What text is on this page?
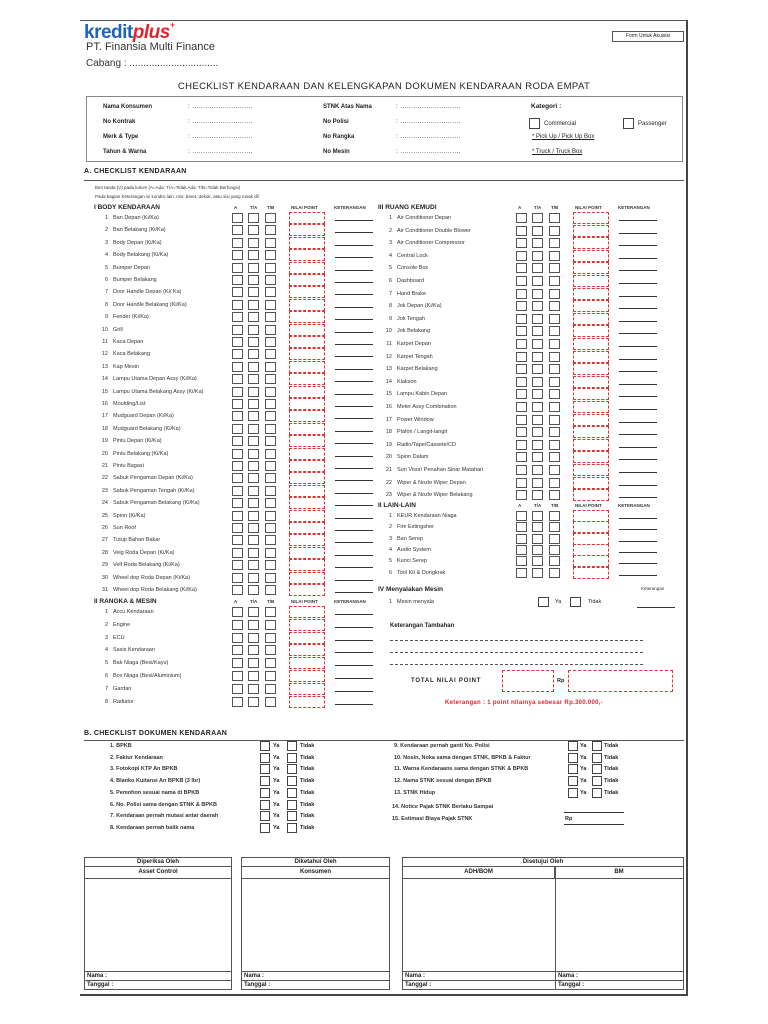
kreditplus⁺
PT. Finansia Multi Finance
Cabang : ................................
Form Untuk Akuisisi
CHECKLIST KENDARAAN DAN KELENGKAPAN DOKUMEN KENDARAAN RODA EMPAT
Nama Konsumen	: ............................
No Kontrak	: ............................
Merk & Type	: ............................
Tahun & Warna	: ............................
STNK Atas Nama	: ............................
No Polisi	: ............................
No Rangka	: ............................
No Mesin	: ............................
Kategori :
Commercial	Passenger
* Pick Up / Pick Up Box
* Truck / Truck Box
A. CHECKLIST KENDARAAN
Beri tanda (V) pada kolom (A=Ada; T/A=Tidak Ada; T/B=Tidak Berfungsi)
Pada bagian Keterangan isi kondisi lain, mis: baret, dekok, atau sisi yang rusak dll
I BODY KENDARAAN	A	T/A T/B	NILAI POINT	KETERANGAN
1 Ban Depan (Ki/Ka)
2 Ban Belakang (Ki/Ka)
3 Body Depan (Ki/Ka)
4 Body Belakang (Ki/Ka)
5 Bumper Depan
6 Bumper Belakang
7 Door Handle Depan (Ki/ Ka)
8 Door Handle Belakang (Ki/Ka)
9 Fender (Ki/Ka)
10 Grill
11 Kaca Depan
12 Kaca Belakang
13 Kap Mesin
14 Lampu Utama Depan Assy (Ki/Ka)
15 Lampu Utama Belakang Assy (Ki/Ka)
16 Moulding/List
17 Mudguard Depan (Ki/Ka)
18 Mudguard Belakang (Ki/Ka)
19 Pintu Depan (Ki/Ka)
20 Pintu Belakang (Ki/Ka)
21 Pintu Bagasi
22 Sabuk Pengaman Depan (Ki/Ka)
23 Sabuk Pengaman Tengah (Ki/Ka)
24 Sabuk Pengaman Belakang (Ki/Ka)
25 Spion (Ki/Ka)
26 Sun Roof
27 Tutup Bahan Bakar
28 Velg Roda Depan (Ki/Ka)
29 Velf Roda Belakang (Ki/Ka)
30 Wheel dop Roda Depan (Ki/Ka)
31 Wheel dop Roda Belakang (Ki/Ka)
II RANGKA & MESIN	A	T/A T/B	NILAI POINT	KETERANGAN
1 Accu Kendaraan
2 Engine
3 ECU
4 Sasis Kendaraan
5 Bak Niaga (Besi/Kayu)
6 Box Niaga (Besi/Aluminium)
7 Gardan
8 Radiator
III RUANG KEMUDI	A	T/A T/B	NILAI POINT	KETERANGAN
1 Air Conditioner Depan
2 Air Conditioner Double Blower
3 Air Conditioner Compressor
4 Central Lock
5 Console Box
6 Dashboard
7 Hand Brake
8 Jok Depan (Ki/Ka)
9 Jok Tengah
10 Jok Belakang
11 Karpet Depan
12 Karpet Tengah
13 Karpet Belakang
14 Klakson
15 Lampu Kabin Depan
16 Meter Assy Combination
17 Power Window
18 Plafon / Langit-langit
19 Radio/Tape/Cassete/CD
20 Spion Dalam
21 Sun Visor/ Penahan Sinar Matahari
22 Wiper & Nozle Wiper Depan
23 Wiper & Nozle Wiper Belakang
II LAIN-LAIN	A	T/A T/B	NILAI POINT	KETERANGAN
1 KEUR Kendaraan Niaga
2 Fire Extingsher
3 Ban Serep
4 Audio System
5 Kunci Serep
6 Tool Kit & Dongkrak
IV Menyalakan Mesin	Keterangan
1 Mesin menyala	Ya	Tidak
Keterangan Tambahan
TOTAL NILAI POINT	Rp
Keterangan : 1 point nilainya sebesar Rp.300.000,-
B. CHECKLIST DOKUMEN KENDARAAN
1. BPKB	Ya	Tidak
2. Faktur Kendaraan	Ya	Tidak
3. Fotokopi KTP An BPKB	Ya	Tidak
4. Blanko Kuitansi An BPKB (3 lbr)	Ya	Tidak
5. Pemohon sesuai nama di BPKB	Ya	Tidak
6. No. Polisi sama dengan STNK & BPKB	Ya	Tidak
7. Kendaraan pernah mutasi antar daerah	Ya	Tidak
8. Kendaraan pernah balik nama	Ya	Tidak
9. Kendaraan pernah ganti No. Polisi	Ya	Tidak
10. Nosin, Noka sama dengan STNK, BPKB & Faktur	Ya	Tidak
11. Warna Kendaraans sama dengan STNK & BPKB	Ya	Tidak
12. Nama STNK sesuai dengan BPKB	Ya	Tidak
13. STNK Hidup	Ya	Tidak
14. Notice Pajak STNK Berlaku Sampai
15. Estimasi Biaya Pajak STNK	Rp
Diperiksa Oleh
Asset Control
Nama :
Tanggal :
Diketahui Oleh
Konsumen
Nama :
Tanggal :
Disetujui Oleh
ADH/BOM	BM
Nama :
Tanggal :
Nama :
Tanggal :
